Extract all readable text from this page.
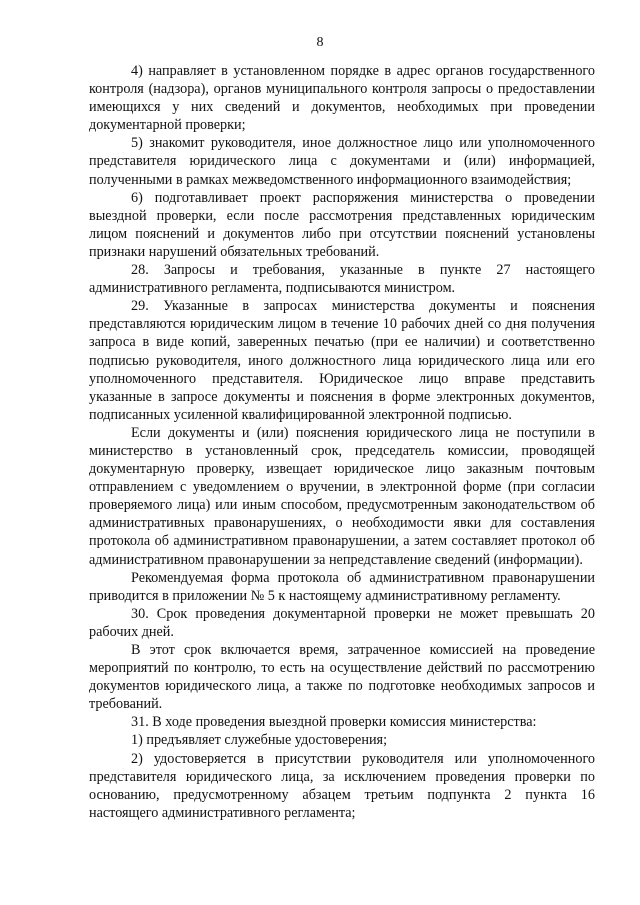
8

4) направляет в установленном порядке в адрес органов государственного контроля (надзора), органов муниципального контроля запросы о предоставлении имеющихся у них сведений и документов, необходимых при проведении документарной проверки;

5) знакомит руководителя, иное должностное лицо или уполномоченного представителя юридического лица с документами и (или) информацией, полученными в рамках межведомственного информационного взаимодействия;

6) подготавливает проект распоряжения министерства о проведении выездной проверки, если после рассмотрения представленных юридическим лицом пояснений и документов либо при отсутствии пояснений установлены признаки нарушений обязательных требований.

28. Запросы и требования, указанные в пункте 27 настоящего административного регламента, подписываются министром.

29. Указанные в запросах министерства документы и пояснения представляются юридическим лицом в течение 10 рабочих дней со дня получения запроса в виде копий, заверенных печатью (при ее наличии) и соответственно подписью руководителя, иного должностного лица юридического лица или его уполномоченного представителя. Юридическое лицо вправе представить указанные в запросе документы и пояснения в форме электронных документов, подписанных усиленной квалифицированной электронной подписью.

Если документы и (или) пояснения юридического лица не поступили в министерство в установленный срок, председатель комиссии, проводящей документарную проверку, извещает юридическое лицо заказным почтовым отправлением с уведомлением о вручении, в электронной форме (при согласии проверяемого лица) или иным способом, предусмотренным законодательством об административных правонарушениях, о необходимости явки для составления протокола об административном правонарушении, а затем составляет протокол об административном правонарушении за непредставление сведений (информации).

Рекомендуемая форма протокола об административном правонарушении приводится в приложении № 5 к настоящему административному регламенту.

30. Срок проведения документарной проверки не может превышать 20 рабочих дней.

В этот срок включается время, затраченное комиссией на проведение мероприятий по контролю, то есть на осуществление действий по рассмотрению документов юридического лица, а также по подготовке необходимых запросов и требований.

31. В ходе проведения выездной проверки комиссия министерства:

1) предъявляет служебные удостоверения;

2) удостоверяется в присутствии руководителя или уполномоченного представителя юридического лица, за исключением проведения проверки по основанию, предусмотренному абзацем третьим подпункта 2 пункта 16 настоящего административного регламента;
